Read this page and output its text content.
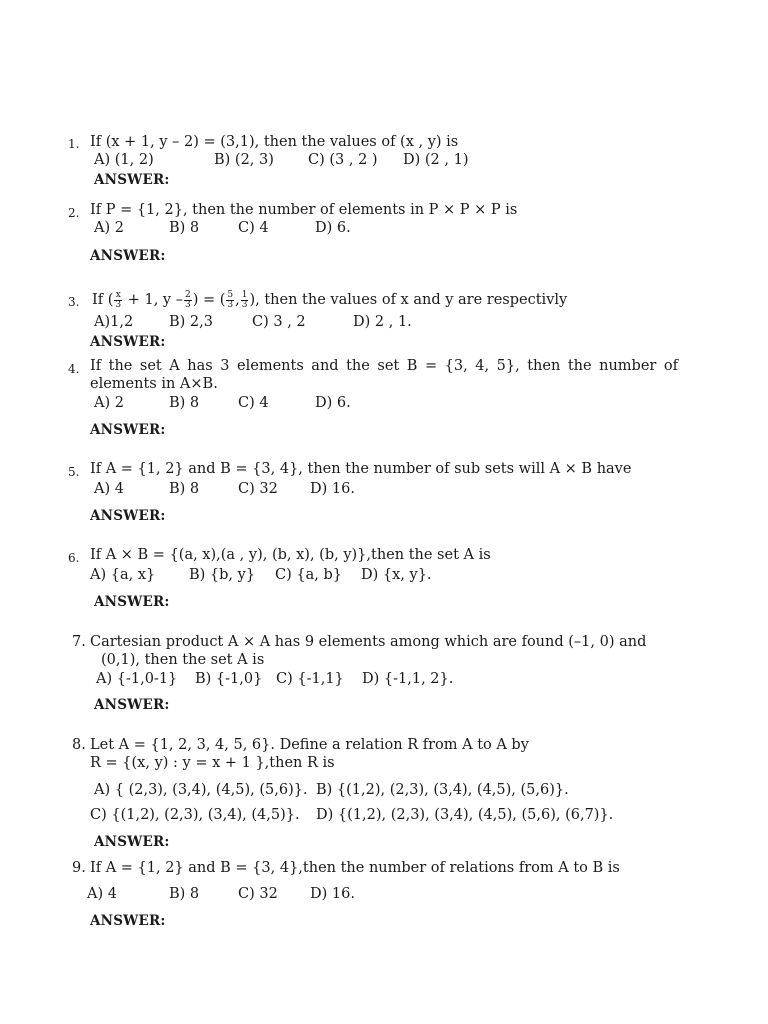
1. If (x + 1, y – 2) = (3,1), then the values of (x , y) is
A) (1, 2)	B) (2, 3) C) (3 , 2 ) D) (2 , 1)
ANSWER:
2. If P = {1, 2}, then the number of elements in P × P × P is
A) 2	B) 8	C) 4	D) 6.
ANSWER:
3. If ( $\frac{x}{3} + 1$, y – $\frac{2}{3}$ ) = ( $\frac{5}{3}$ , $\frac{1}{3}$ ), then the values of x and y are respectivly
A)1,2 B) 2,3	C) 3 , 2	D) 2 , 1.
ANSWER:
4. If the set A has 3 elements and the set B = {3, 4, 5}, then the number of
elements in A×B.
A) 2	B) 8	C) 4	D) 6.
ANSWER:
5. If A = {1, 2} and B = {3, 4}, then the number of sub sets will A × B have
A) 4	B) 8	C) 32 D) 16.
ANSWER:
6. If A × B = {(a, x),(a , y), (b, x), (b, y)},then the set A is
A) {a, x} B) {b, y} C) {a, b} D) {x, y}.
ANSWER:
7. Cartesian product A × A has 9 elements among which are found (–1, 0) and
(0,1), then the set A is
A) {-1,0-1} B) {-1,0} C) {-1,1} D) {-1,1, 2}.
ANSWER:
8. Let A = {1, 2, 3, 4, 5, 6}. Define a relation R from A to A by
R = {(x, y) : y = x + 1 },then R is
A) { (2,3), (3,4), (4,5), (5,6)}. B) {(1,2), (2,3), (3,4), (4,5), (5,6)}.
C) {(1,2), (2,3), (3,4), (4,5)}. D) {(1,2), (2,3), (3,4), (4,5), (5,6), (6,7)}.
ANSWER:
9. If A = {1, 2} and B = {3, 4},then the number of relations from A to B is
A) 4	B) 8	C) 32 D) 16.
ANSWER:
